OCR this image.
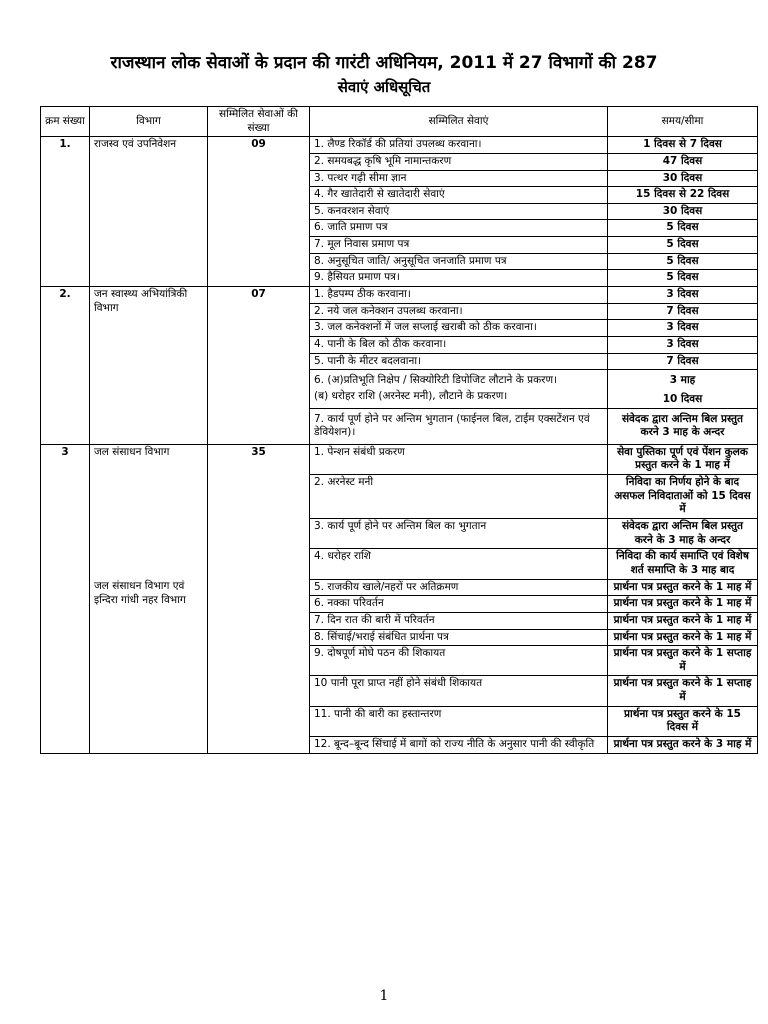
राजस्थान लोक सेवाओं के प्रदान की गारंटी अधिनियम, 2011 में 27 विभागों की 287
सेवाएं अधिसूचित
क्रम संख्या	विभाग	सम्मिलित सेवाओं की संख्या	सम्मिलित सेवाएं	समय/सीमा
1.	राजस्व एवं उपनिवेशन	09	1. लैण्ड रिकॉर्ड की प्रतियां उपलब्ध करवाना।	1 दिवस से 7 दिवस
			2. समयबद्ध कृषि भूमि नामान्तकरण	47 दिवस
			3. पत्थर गढ़ी सीमा ज्ञान	30 दिवस
			4. गैर खातेदारी से खातेदारी सेवाएं	15 दिवस से 22 दिवस
			5. कनवरशन सेवाएं	30 दिवस
			6. जाति प्रमाण पत्र	5 दिवस
			7. मूल निवास प्रमाण पत्र	5 दिवस
			8. अनुसूचित जाति/ अनुसूचित जनजाति प्रमाण पत्र	5 दिवस
			9. हैसियत प्रमाण पत्र।	5 दिवस
2.	जन स्वास्थ्य अभियांत्रिकी विभाग	07	1. हैडपम्प ठीक करवाना।	3 दिवस
			2. नये जल कनेक्शन उपलब्ध करवाना।	7 दिवस
			3. जल कनेक्शनों में जल सप्लाई खराबी को ठीक करवाना।	3 दिवस
			4. पानी के बिल को ठीक करवाना।	3 दिवस
			5. पानी के मीटर बदलवाना।	7 दिवस
			6. (अ)प्रतिभूति निक्षेप / सिक्योरिटी डिपोजिट लौटाने के प्रकरण।	3 माह
			(ब) धरोहर राशि (अरनेस्ट मनी), लौटाने के प्रकरण।	10 दिवस
			7. कार्य पूर्ण होने पर अन्तिम भुगतान (फाईनल बिल, टाईम एक्सटेंशन एवं डेवियेशन)।	संवेदक द्वारा अन्तिम बिल प्रस्तुत करने 3 माह के अन्दर
3	जल संसाधन विभाग	35	1. पेन्शन संबंधी प्रकरण	सेवा पुस्तिका पूर्ण एवं पेंशन कुलक प्रस्तुत करने के 1 माह में
			2. अरनेस्ट मनी	निविदा का निर्णय होने के बाद असफल निविदाताओं को 15 दिवस में
			3. कार्य पूर्ण होने पर अन्तिम बिल का भुगतान	संवेदक द्वारा अन्तिम बिल प्रस्तुत करने के 3 माह के अन्दर
			4. धरोहर राशि	निविदा की कार्य समाप्ति एवं विशेष शर्त समाप्ति के 3 माह बाद
	जल संसाधन विभाग एवं इन्दिरा गांधी नहर विभाग		5. राजकीय खाले/नहरों पर अतिक्रमण	प्रार्थना पत्र प्रस्तुत करने के 1 माह में
			6. नक्का परिवर्तन	प्रार्थना पत्र प्रस्तुत करने के 1 माह में
			7. दिन रात की बारी में परिवर्तन	प्रार्थना पत्र प्रस्तुत करने के 1 माह में
			8. सिंचाई/भराई संबंधित प्रार्थना पत्र	प्रार्थना पत्र प्रस्तुत करने के 1 माह में
			9. दोषपूर्ण मोघे पठन की शिकायत	प्रार्थना पत्र प्रस्तुत करने के 1 सप्ताह में
			10 पानी पूरा प्राप्त नहीं होने संबंधी शिकायत	प्रार्थना पत्र प्रस्तुत करने के 1 सप्ताह में
			11. पानी की बारी का हस्तान्तरण	प्रार्थना पत्र प्रस्तुत करने के 15 दिवस में
			12. बून्द–बून्द सिंचाई में बागों को राज्य नीति के अनुसार पानी की स्वीकृति	प्रार्थना पत्र प्रस्तुत करने के 3 माह में
1
